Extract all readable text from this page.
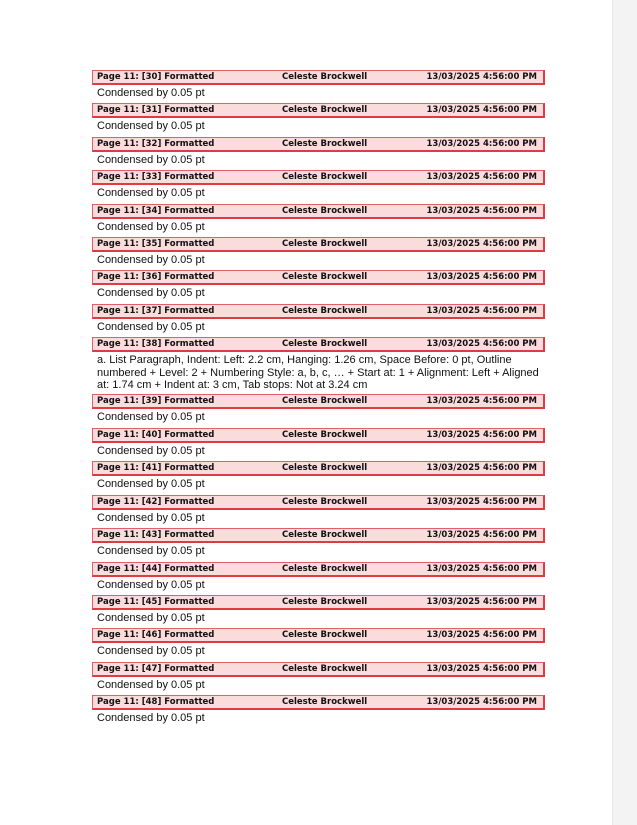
Page 11: [30] Formatted	Celeste Brockwell	13/03/2025 4:56:00 PM
Condensed by 0.05 pt
Page 11: [31] Formatted	Celeste Brockwell	13/03/2025 4:56:00 PM
Condensed by 0.05 pt
Page 11: [32] Formatted	Celeste Brockwell	13/03/2025 4:56:00 PM
Condensed by 0.05 pt
Page 11: [33] Formatted	Celeste Brockwell	13/03/2025 4:56:00 PM
Condensed by 0.05 pt
Page 11: [34] Formatted	Celeste Brockwell	13/03/2025 4:56:00 PM
Condensed by 0.05 pt
Page 11: [35] Formatted	Celeste Brockwell	13/03/2025 4:56:00 PM
Condensed by 0.05 pt
Page 11: [36] Formatted	Celeste Brockwell	13/03/2025 4:56:00 PM
Condensed by 0.05 pt
Page 11: [37] Formatted	Celeste Brockwell	13/03/2025 4:56:00 PM
Condensed by 0.05 pt
Page 11: [38] Formatted	Celeste Brockwell	13/03/2025 4:56:00 PM
a. List Paragraph, Indent: Left: 2.2 cm, Hanging: 1.26 cm, Space Before: 0 pt, Outline numbered + Level: 2 + Numbering Style: a, b, c, … + Start at: 1 + Alignment: Left + Aligned at: 1.74 cm + Indent at: 3 cm, Tab stops: Not at 3.24 cm
Page 11: [39] Formatted	Celeste Brockwell	13/03/2025 4:56:00 PM
Condensed by 0.05 pt
Page 11: [40] Formatted	Celeste Brockwell	13/03/2025 4:56:00 PM
Condensed by 0.05 pt
Page 11: [41] Formatted	Celeste Brockwell	13/03/2025 4:56:00 PM
Condensed by 0.05 pt
Page 11: [42] Formatted	Celeste Brockwell	13/03/2025 4:56:00 PM
Condensed by 0.05 pt
Page 11: [43] Formatted	Celeste Brockwell	13/03/2025 4:56:00 PM
Condensed by 0.05 pt
Page 11: [44] Formatted	Celeste Brockwell	13/03/2025 4:56:00 PM
Condensed by 0.05 pt
Page 11: [45] Formatted	Celeste Brockwell	13/03/2025 4:56:00 PM
Condensed by 0.05 pt
Page 11: [46] Formatted	Celeste Brockwell	13/03/2025 4:56:00 PM
Condensed by 0.05 pt
Page 11: [47] Formatted	Celeste Brockwell	13/03/2025 4:56:00 PM
Condensed by 0.05 pt
Page 11: [48] Formatted	Celeste Brockwell	13/03/2025 4:56:00 PM
Condensed by 0.05 pt
